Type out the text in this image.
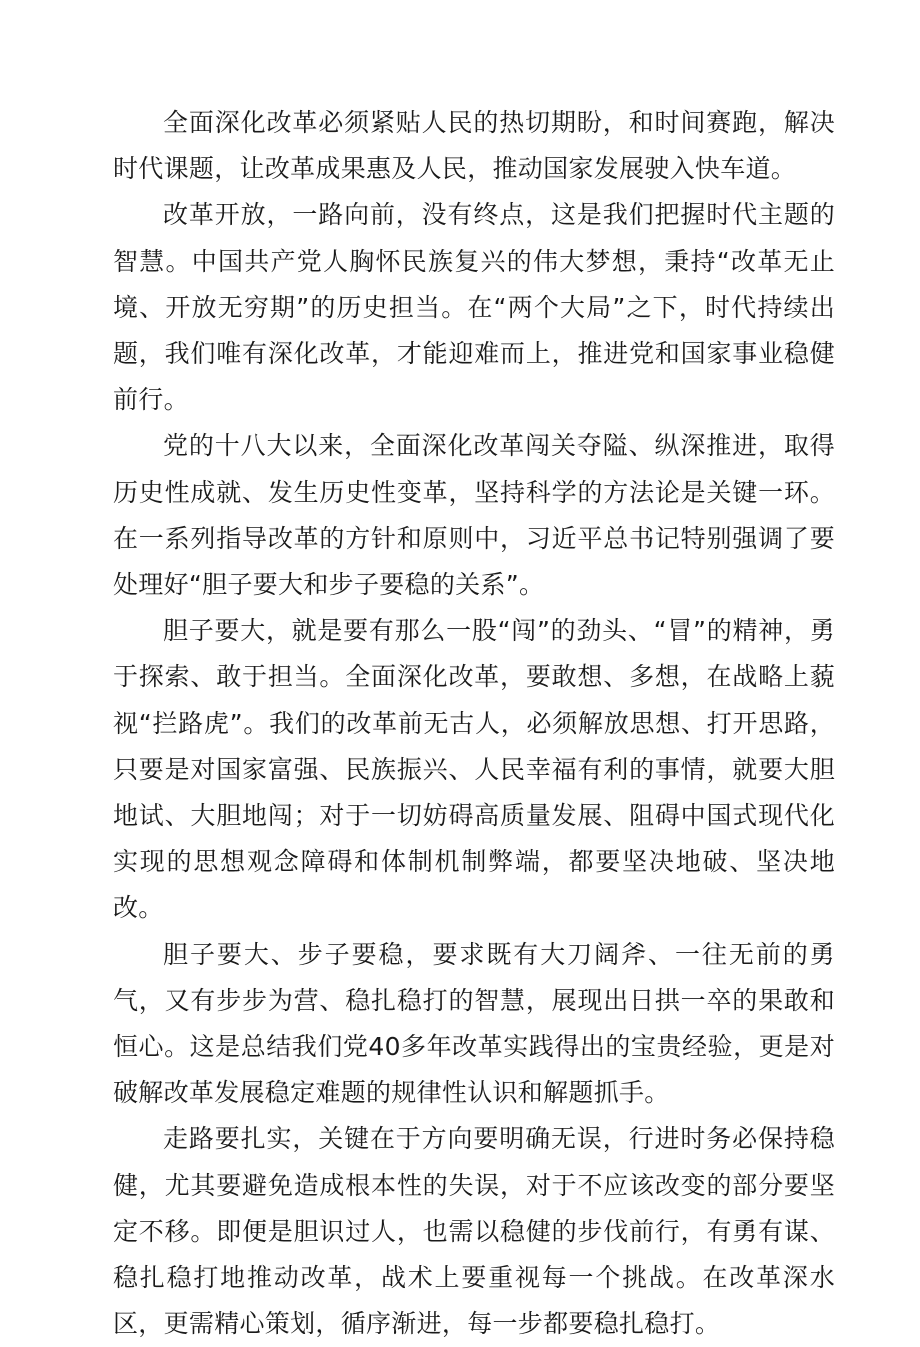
全面深化改革必须紧贴人民的热切期盼，和时间赛跑，解决时代课题，让改革成果惠及人民，推动国家发展驶入快车道。

改革开放，一路向前，没有终点，这是我们把握时代主题的智慧。中国共产党人胸怀民族复兴的伟大梦想，秉持“改革无止境、开放无穷期”的历史担当。在“两个大局”之下，时代持续出题，我们唯有深化改革，才能迎难而上，推进党和国家事业稳健前行。

党的十八大以来，全面深化改革闯关夺隘、纵深推进，取得历史性成就、发生历史性变革，坚持科学的方法论是关键一环。在一系列指导改革的方针和原则中，习近平总书记特别强调了要处理好“胆子要大和步子要稳的关系”。

胆子要大，就是要有那么一股“闯”的劲头、“冒”的精神，勇于探索、敢于担当。全面深化改革，要敢想、多想，在战略上藐视“拦路虎”。我们的改革前无古人，必须解放思想、打开思路，只要是对国家富强、民族振兴、人民幸福有利的事情，就要大胆地试、大胆地闯；对于一切妨碍高质量发展、阻碍中国式现代化实现的思想观念障碍和体制机制弊端，都要坚决地破、坚决地改。

胆子要大、步子要稳，要求既有大刀阔斧、一往无前的勇气，又有步步为营、稳扎稳打的智慧，展现出日拱一卒的果敢和恒心。这是总结我们党40多年改革实践得出的宝贵经验，更是对破解改革发展稳定难题的规律性认识和解题抓手。

走路要扎实，关键在于方向要明确无误，行进时务必保持稳健，尤其要避免造成根本性的失误，对于不应该改变的部分要坚定不移。即便是胆识过人，也需以稳健的步伐前行，有勇有谋、稳扎稳打地推动改革，战术上要重视每一个挑战。在改革深水区，更需精心策划，循序渐进，每一步都要稳扎稳打。
